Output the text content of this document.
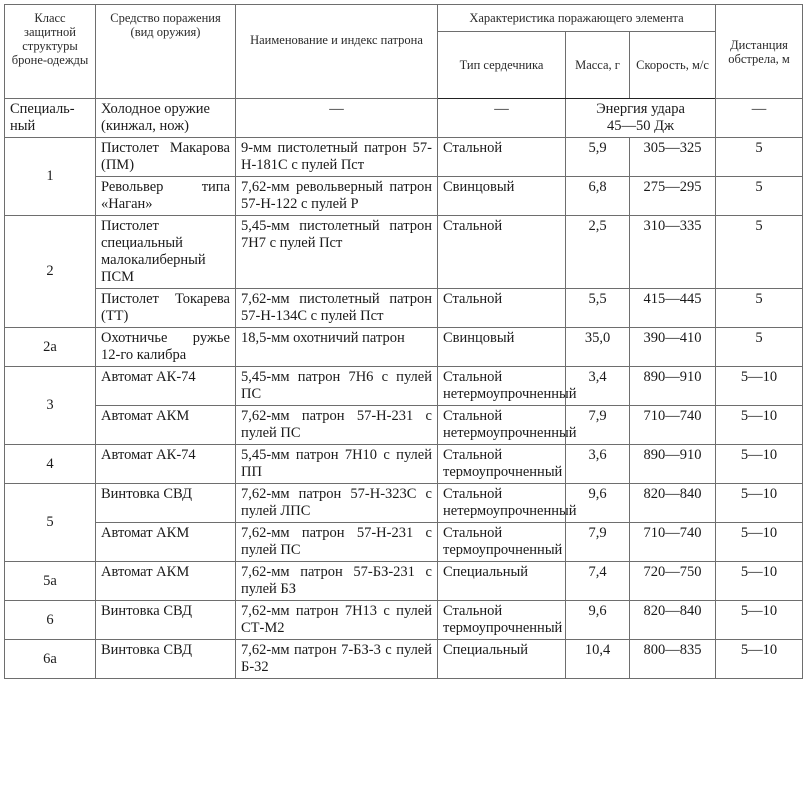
Класс защитной структуры броне-одежды	Средство поражения (вид оружия)	Наименование и индекс патрона	Характеристика поражающего элемента			Дистанция обстрела, м
			Тип сердечника	Масса, г	Скорость, м/с	
Специаль-ный	Холодное оружие (кинжал, нож)	—	—	Энергия удара 45—50 Дж		—
1	Пистолет Макарова (ПМ)	9-мм пистолетный патрон 57-Н-181С с пулей Пст	Стальной	5,9	305—325	5
	Револьвер типа «Наган»	7,62-мм револьверный патрон 57-Н-122 с пулей Р	Свинцовый	6,8	275—295	5
2	Пистолет специальный малокалиберный ПСМ	5,45-мм пистолетный патрон 7Н7 с пулей Пст	Стальной	2,5	310—335	5
	Пистолет Токарева (ТТ)	7,62-мм пистолетный патрон 57-Н-134С с пулей Пст	Стальной	5,5	415—445	5
2а	Охотничье ружье 12-го калибра	18,5-мм охотничий патрон	Свинцовый	35,0	390—410	5
3	Автомат АК-74	5,45-мм патрон 7Н6 с пулей ПС	Стальной нетермоупрочненный	3,4	890—910	5—10
	Автомат АКМ	7,62-мм патрон 57-Н-231 с пулей ПС	Стальной нетермоупрочненный	7,9	710—740	5—10
4	Автомат АК-74	5,45-мм патрон 7Н10 с пулей ПП	Стальной термоупрочненный	3,6	890—910	5—10
5	Винтовка СВД	7,62-мм патрон 57-Н-323С с пулей ЛПС	Стальной нетермоупрочненный	9,6	820—840	5—10
	Автомат АКМ	7,62-мм патрон 57-Н-231 с пулей ПС	Стальной термоупрочненный	7,9	710—740	5—10
5а	Автомат АКМ	7,62-мм патрон 57-БЗ-231 с пулей БЗ	Специальный	7,4	720—750	5—10
6	Винтовка СВД	7,62-мм патрон 7Н13 с пулей СТ-М2	Стальной термоупрочненный	9,6	820—840	5—10
6а	Винтовка СВД	7,62-мм патрон 7-БЗ-3 с пулей Б-32	Специальный	10,4	800—835	5—10
